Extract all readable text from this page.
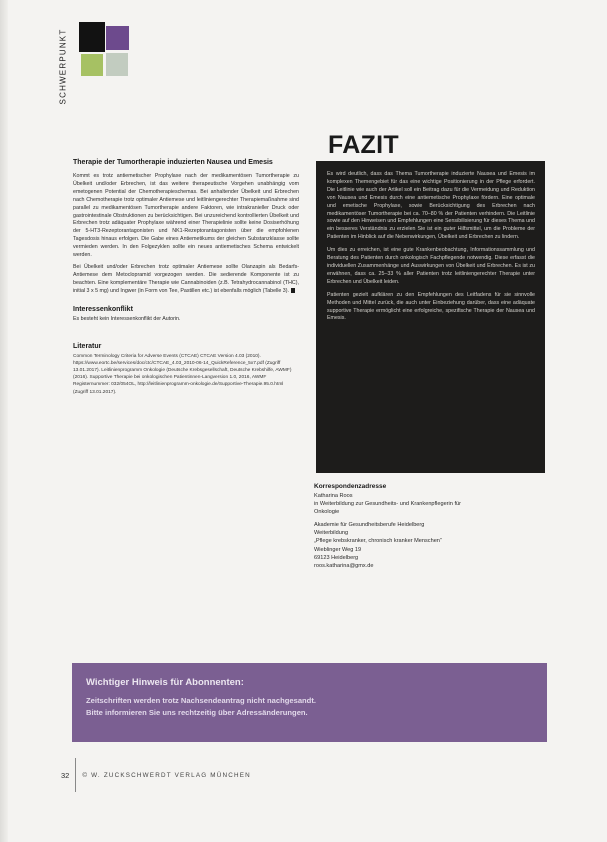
SCHWERPUNKT
Therapie der Tumortherapie induzierten Nausea und Emesis

Kommt es trotz antiemetischer Prophylaxe nach der medikamentösen Tumortherapie zu Übelkeit und/oder Erbrechen, ist das weitere therapeutische Vorgehen unabhängig vom emetogenen Potential der Chemotherapieschemas. Bei anhaltender Übelkeit und Erbrechen nach Chemotherapie trotz optimaler Antiemese und leitliniengerechter Therapiemaßnahme sind parallel zu medikamentösen Tumortherapie andere Faktoren, wie intrakranieller Druck oder gastrointestinale Obstruktionen zu berücksichtigen. Bei unzureichend kontrollierten Übelkeit und Erbrechen trotz adäquater Prophylaxe während einer Therapielinie sollte keine Dosiserhöhung der 5-HT3-Rezeptorantagonisten und NK1-Rezeptorantagonisten über die empfohlenen Tagesdosis hinaus erfolgen. Die Gabe eines Antiemetikums der gleichen Substanzklasse sollte vermieden werden. In den Folgezyklen sollte ein neues antiemetisches Schema entwickelt werden.

Bei Übelkeit und/oder Erbrechen trotz optimaler Antiemese sollte Olanzapin als Bedarfs-Antiemese dem Metoclopramid vorgezogen werden. Die sedierende Komponente ist zu beachten. Eine komplementäre Therapie wie Cannabinoiden (z.B. Tetrahydrocannabinol (THC), initial 3 x 5 mg) und Ingwer (in Form von Tee, Pastillen etc.) ist ebenfalls möglich (Tabelle 3).

Interessenkonflikt

Es besteht kein Interessenkonflikt der Autorin.

Literatur

Common Terminology Criteria for Adverse Events (CTCAE) CTCAE Version 4.03 (2010). https://www.eortc.be/services/doc/ctc/CTCAE_4.03_2010-06-14_QuickReference_5x7.pdf (Zugriff 13.01.2017). Leitlinienprogramm Onkologie (Deutsche Krebsgesellschaft, Deutsche Krebshilfe, AWMF) (2016). Supportive Therapie bei onkologischen Patientinnen-Langversion 1.0, 2016, AWMF Registernummer: 032/054OL, http://leitlinienprogramm-onkologie.de/Supportive-Therapie.95.0.html (Zugriff 13.01.2017).

FAZIT

Es wird deutlich, dass das Thema Tumortherapie induzierte Nausea und Emesis im komplexen Themengebiet für das eine wichtige Positionierung in der Pflege erfordert. Die Leitlinie wie auch der Artikel soll ein Beitrag dazu für die Vermeidung und Reduktion von Nausea und Emesis durch eine antiemetische Prophylaxe fördern. Eine optimale und emetische Prophylaxe, sowie Berücksichtigung des Erbrechen nach medikamentöser Tumortherapie bei ca. 70–80 % der Patienten verhindern. Die Leitlinie sowie auf den Hinweisen und Empfehlungen eine Sensibilisierung für dieses Thema und ein besseres Verständnis zu erzielen Sie ist ein guter Hilfsmittel, um die Probleme der Patienten im Hinblick auf die Nebenwirkungen, Übelkeit und Erbrechen zu lindern.

Um dies zu erreichen, ist eine gute Krankenbeobachtung, Informationssammlung und Beratung des Patienten durch onkologisch Fachpflegende notwendig. Diese erfasst die individuellen Zusammenhänge und Auswirkungen von Übelkeit und Erbrechen. Es ist zu erwähnen, dass ca. 25–33 % aller Patienten trotz leitliniengerechter Therapie unter Erbrechen und Übelkeit leiden.

Patienten gezielt aufklären zu den Empfehlungen des Leitfadens für sie sinnvolle Methoden und Mittel zurück, die auch unter Einbeziehung darüber, dass eine adäquate supportive Therapie ermöglicht eine erfolgreiche, spezifische Therapie der Nausea und Emesis.

Korrespondenzadresse
Katharina Roos
in Weiterbildung zur Gesundheits- und Krankenpflegerin für
Onkologie
Akademie für Gesundheitsberufe Heidelberg
Weiterbildung
„Pflege krebskranker, chronisch kranker Menschen“
Wieblinger Weg 19
69123 Heidelberg
roos.katharina@gmx.de
Wichtiger Hinweis für Abonnenten:
Zeitschriften werden trotz Nachsendeantrag nicht nachgesandt.
Bitte informieren Sie uns rechtzeitig über Adressänderungen.
32 © W. ZUCKSCHWERDT VERLAG MÜNCHEN
